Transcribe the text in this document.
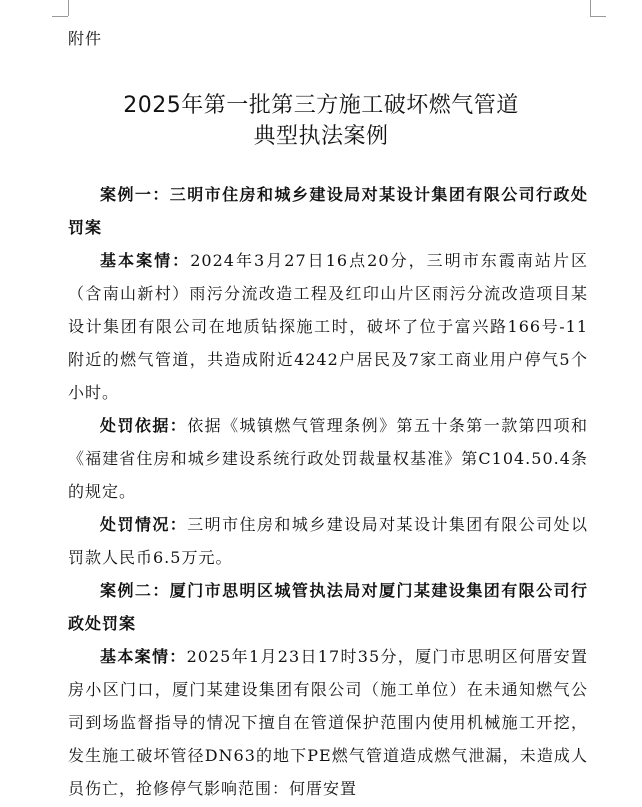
附件
2025年第一批第三方施工破坏燃气管道
典型执法案例

案例一：三明市住房和城乡建设局对某设计集团有限公司行政处罚案

基本案情：2024年3月27日16点20分，三明市东霞南站片区（含南山新村）雨污分流改造工程及红印山片区雨污分流改造项目某设计集团有限公司在地质钻探施工时，破坏了位于富兴路166号-11附近的燃气管道，共造成附近4242户居民及7家工商业用户停气5个小时。

处罚依据：依据《城镇燃气管理条例》第五十条第一款第四项和《福建省住房和城乡建设系统行政处罚裁量权基准》第C104.50.4条的规定。

处罚情况：三明市住房和城乡建设局对某设计集团有限公司处以罚款人民币6.5万元。

案例二：厦门市思明区城管执法局对厦门某建设集团有限公司行政处罚案

基本案情：2025年1月23日17时35分，厦门市思明区何厝安置房小区门口，厦门某建设集团有限公司（施工单位）在未通知燃气公司到场监督指导的情况下擅自在管道保护范围内使用机械施工开挖，发生施工破坏管径DN63的地下PE燃气管道造成燃气泄漏，未造成人员伤亡，抢修停气影响范围：何厝安置
